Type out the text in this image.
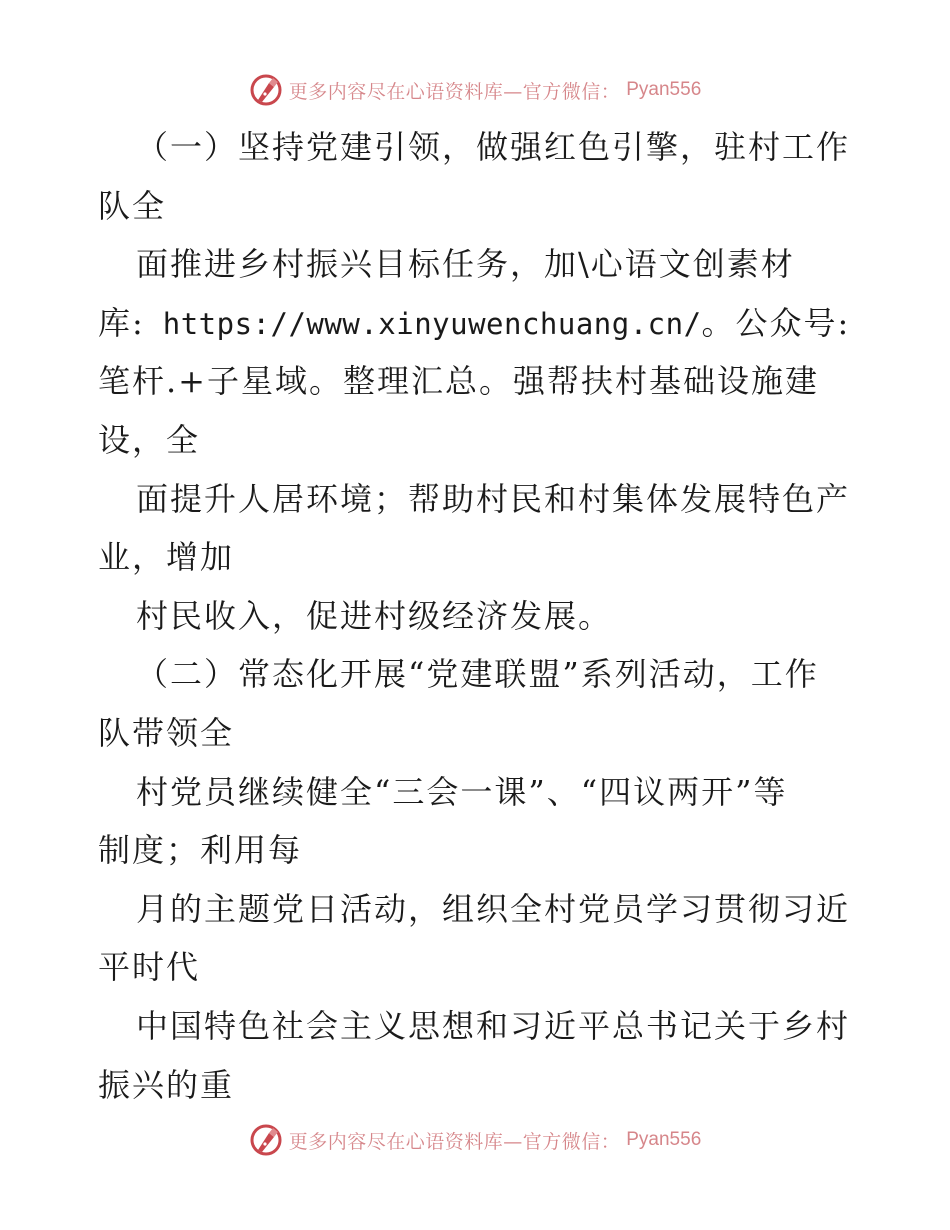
更多内容尽在心语资料库—官方微信： Pyan556
（一）坚持党建引领，做强红色引擎，驻村工作
队全
面推进乡村振兴目标任务，加\心语文创素材
库: https://www.xinyuwenchuang.cn/。公众号:
笔杆.+子星域。整理汇总。强帮扶村基础设施建
设，全
面提升人居环境；帮助村民和村集体发展特色产
业，增加
村民收入，促进村级经济发展。
（二）常态化开展“党建联盟”系列活动，工作
队带领全
村党员继续健全“三会一课”、“四议两开”等
制度；利用每
月的主题党日活动，组织全村党员学习贯彻习近
平时代
中国特色社会主义思想和习近平总书记关于乡村
振兴的重
更多内容尽在心语资料库—官方微信： Pyan556
